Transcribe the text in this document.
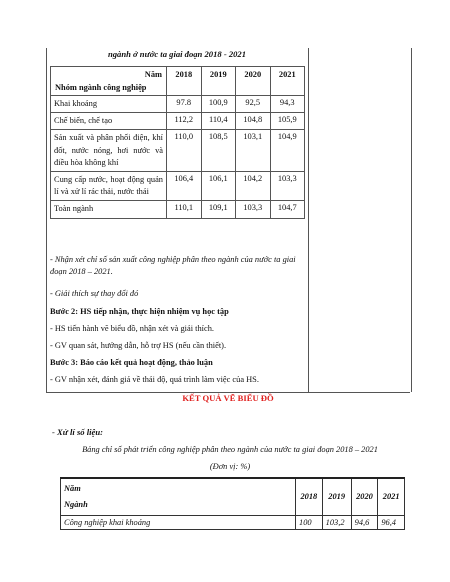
ngành ở nước ta giai đoạn 2018 - 2021
Năm
Nhóm ngành công nghiệp	2018	2019	2020	2021
Khai khoáng	97.8	100,9	92,5	94,3
Chế biến, chế tạo	112,2	110,4	104,8	105,9
Sản xuất và phân phối điện, khí đốt, nước nóng, hơi nước và điều hòa không khí	110,0	108,5	103,1	104,9
Cung cấp nước, hoạt động quản lí và xử lí rác thải, nước thải	106,4	106,1	104,2	103,3
Toàn ngành	110,1	109,1	103,3	104,7
- Nhận xét chỉ số sản xuất công nghiệp phân theo ngành của nước ta giai đoạn 2018 – 2021.
- Giải thích sự thay đổi đó
Bước 2: HS tiếp nhận, thực hiện nhiệm vụ học tập
- HS tiến hành vẽ biểu đồ, nhận xét và giải thích.
- GV quan sát, hướng dẫn, hỗ trợ HS (nếu cần thiết).
Bước 3: Báo cáo kết quả hoạt động, thảo luận
- GV nhận xét, đánh giá về thái độ, quá trình làm việc của HS.
KẾT QUẢ VẼ BIỂU ĐỒ
- Xử lí số liệu:
Bảng chỉ số phát triển công nghiệp phân theo ngành của nước ta giai đoạn 2018 – 2021
(Đơn vị: %)
Năm
Ngành	2018	2019	2020	2021
Công nghiệp khai khoáng	100	103,2	94,6	96,4
